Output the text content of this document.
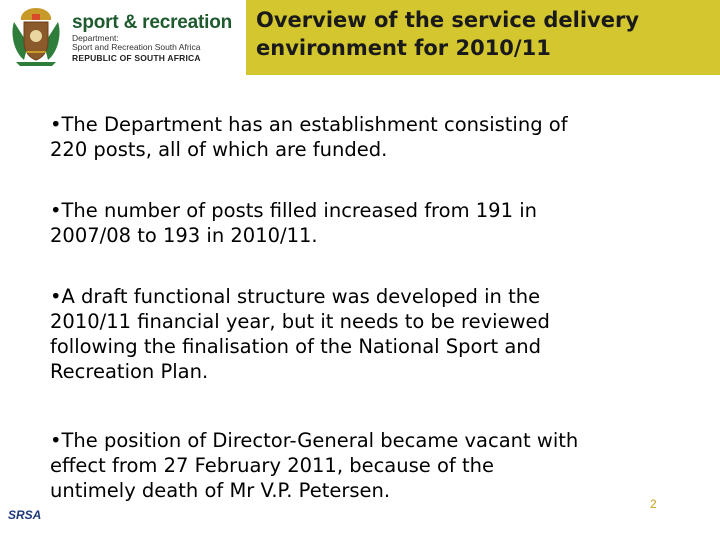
sport & recreation
Department:
Sport and Recreation South Africa
REPUBLIC OF SOUTH AFRICA
Overview of the service delivery
environment for 2010/11
•The Department has an establishment consisting of
220 posts, all of which are funded.
•The number of posts filled increased from 191 in
2007/08 to 193 in 2010/11.
•A draft functional structure was developed in the
2010/11 financial year, but it needs to be reviewed
following the finalisation of the National Sport and
Recreation Plan.
•The position of Director-General became vacant with
effect from 27 February 2011, because of the
untimely death of Mr V.P. Petersen.
SRSA
2
